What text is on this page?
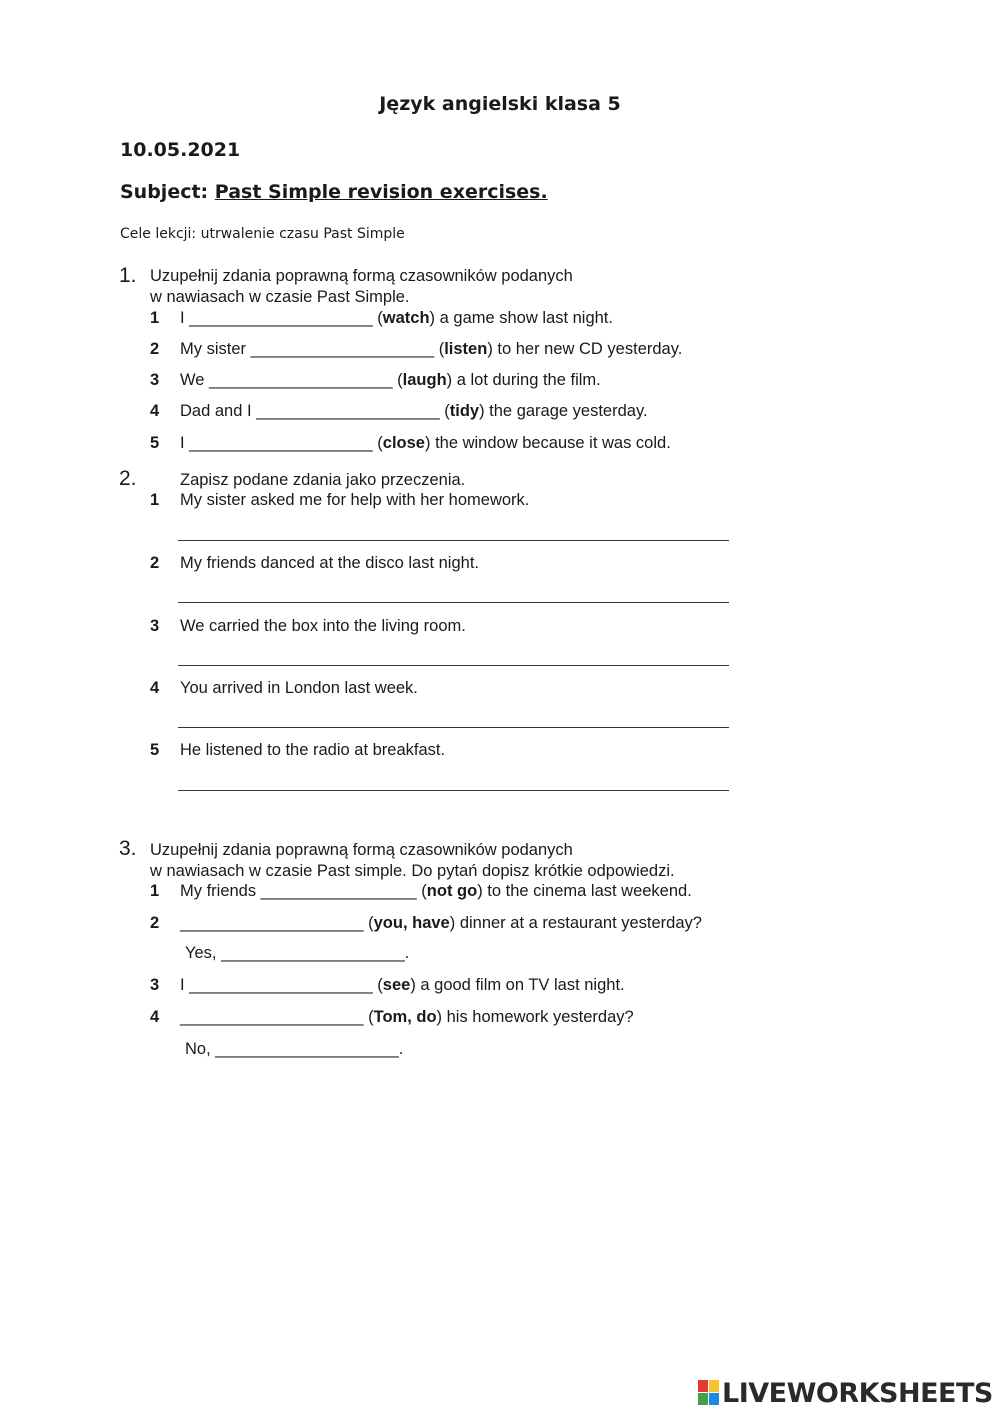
Język angielski klasa 5
10.05.2021
Subject: Past Simple revision exercises.
Cele lekcji: utrwalenie czasu Past Simple
1. Uzupełnij zdania poprawną formą czasowników podanych
w nawiasach w czasie Past Simple.
1 I ____________________ (watch) a game show last night.
2 My sister ____________________ (listen) to her new CD yesterday.
3 We ____________________ (laugh) a lot during the film.
4 Dad and I ____________________ (tidy) the garage yesterday.
5 I ____________________ (close) the window because it was cold.
2.	Zapisz podane zdania jako przeczenia.
1 My sister asked me for help with her homework.
2 My friends danced at the disco last night.
3 We carried the box into the living room.
4 You arrived in London last week.
5 He listened to the radio at breakfast.
3. Uzupełnij zdania poprawną formą czasowników podanych
w nawiasach w czasie Past simple. Do pytań dopisz krótkie odpowiedzi.
1 My friends _________________ (not go) to the cinema last weekend.
2 ____________________ (you, have) dinner at a restaurant yesterday?
Yes, ____________________.
3 I ____________________ (see) a good film on TV last night.
4 ____________________ (Tom, do) his homework yesterday?
No, ____________________.
LIVEWORKSHEETS
